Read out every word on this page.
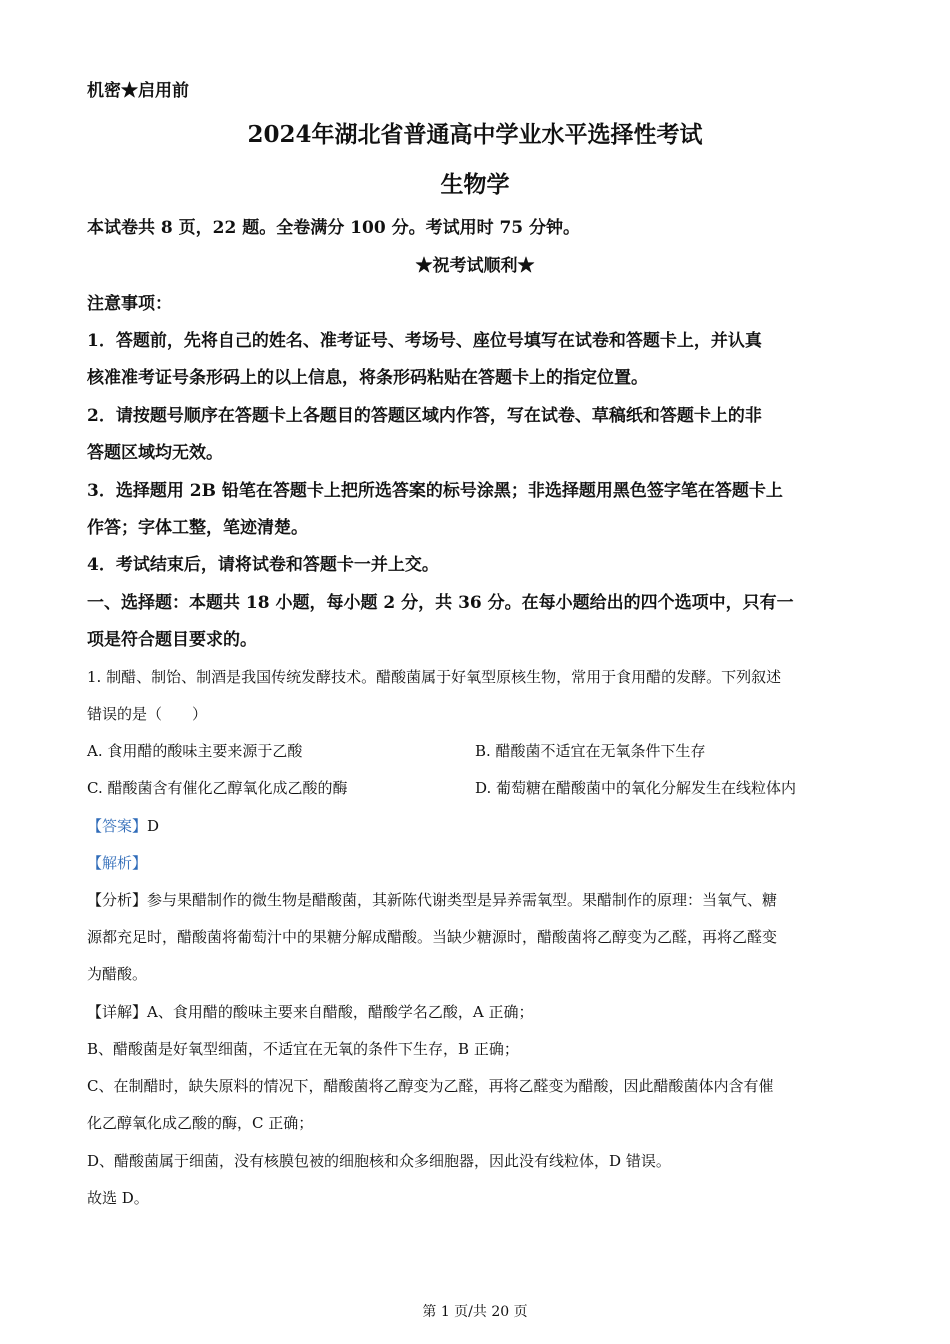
机密★启用前
2024年湖北省普通高中学业水平选择性考试
生物学
本试卷共 8 页，22 题。全卷满分 100 分。考试用时 75 分钟。
★祝考试顺利★
注意事项：
1．答题前，先将自己的姓名、准考证号、考场号、座位号填写在试卷和答题卡上，并认真
核准准考证号条形码上的以上信息，将条形码粘贴在答题卡上的指定位置。
2．请按题号顺序在答题卡上各题目的答题区域内作答，写在试卷、草稿纸和答题卡上的非
答题区域均无效。
3．选择题用 2B 铅笔在答题卡上把所选答案的标号涂黑；非选择题用黑色签字笔在答题卡上
作答；字体工整，笔迹清楚。
4．考试结束后，请将试卷和答题卡一并上交。
一、选择题：本题共 18 小题，每小题 2 分，共 36 分。在每小题给出的四个选项中，只有一
项是符合题目要求的。
1. 制醋、制饴、制酒是我国传统发酵技术。醋酸菌属于好氧型原核生物，常用于食用醋的发酵。下列叙述
错误的是（　　）
A. 食用醋的酸味主要来源于乙酸	B. 醋酸菌不适宜在无氧条件下生存
C. 醋酸菌含有催化乙醇氧化成乙酸的酶	D. 葡萄糖在醋酸菌中的氧化分解发生在线粒体内
【答案】D
【解析】
【分析】参与果醋制作的微生物是醋酸菌，其新陈代谢类型是异养需氧型。果醋制作的原理：当氧气、糖
源都充足时，醋酸菌将葡萄汁中的果糖分解成醋酸。当缺少糖源时，醋酸菌将乙醇变为乙醛，再将乙醛变
为醋酸。
【详解】A、食用醋的酸味主要来自醋酸，醋酸学名乙酸，A 正确；
B、醋酸菌是好氧型细菌，不适宜在无氧的条件下生存，B 正确；
C、在制醋时，缺失原料的情况下，醋酸菌将乙醇变为乙醛，再将乙醛变为醋酸，因此醋酸菌体内含有催
化乙醇氧化成乙酸的酶，C 正确；
D、醋酸菌属于细菌，没有核膜包被的细胞核和众多细胞器，因此没有线粒体，D 错误。
故选 D。
第 1 页/共 20 页
